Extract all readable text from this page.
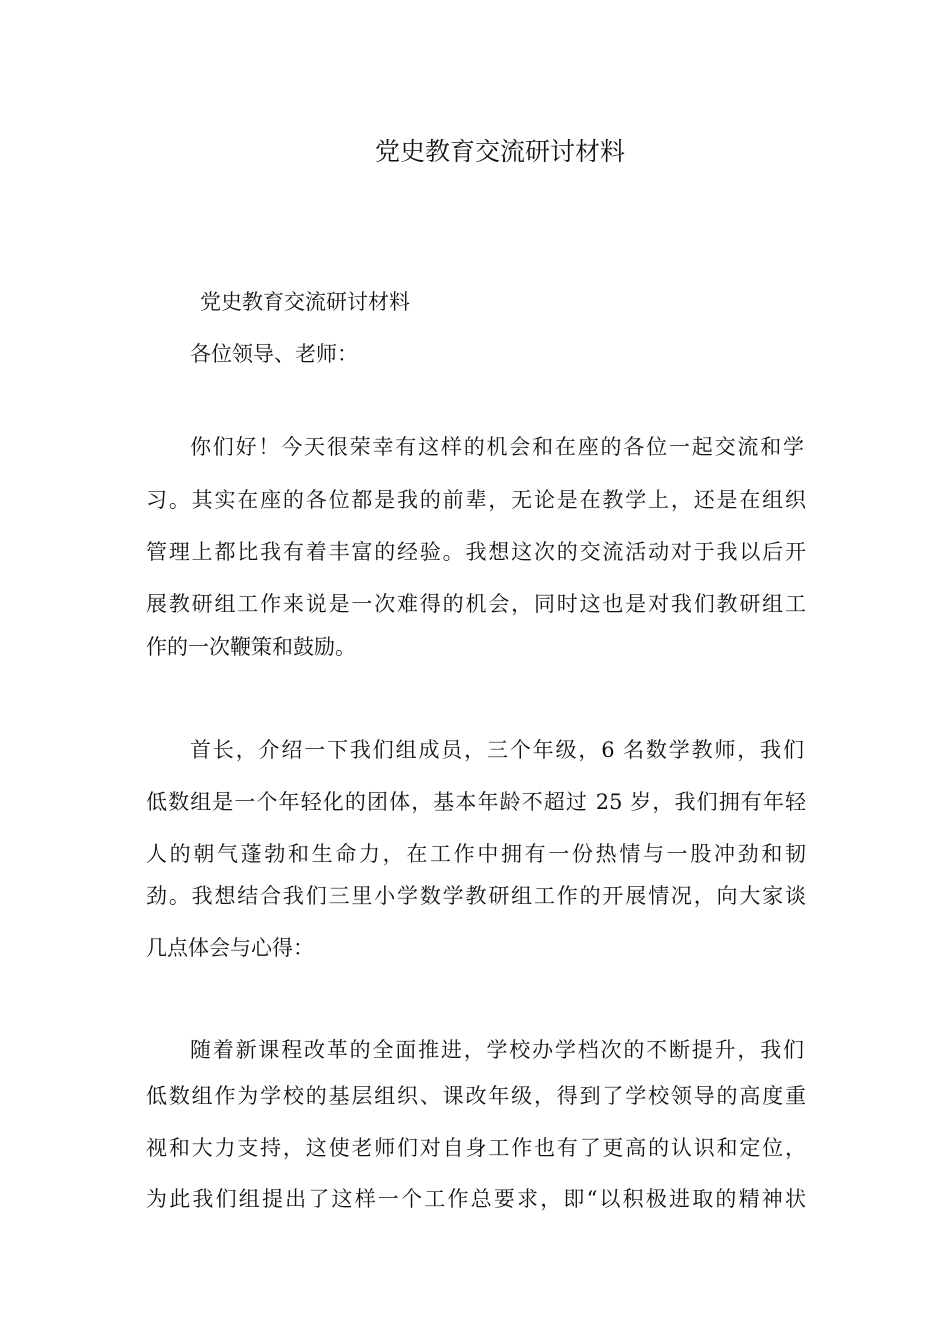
党史教育交流研讨材料
党史教育交流研讨材料
各位领导、老师：
你们好！今天很荣幸有这样的机会和在座的各位一起交流和学
习。其实在座的各位都是我的前辈，无论是在教学上，还是在组织
管理上都比我有着丰富的经验。我想这次的交流活动对于我以后开
展教研组工作来说是一次难得的机会，同时这也是对我们教研组工
作的一次鞭策和鼓励。
首长，介绍一下我们组成员，三个年级，6 名数学教师，我们
低数组是一个年轻化的团体，基本年龄不超过 25 岁，我们拥有年轻
人的朝气蓬勃和生命力，在工作中拥有一份热情与一股冲劲和韧
劲。我想结合我们三里小学数学教研组工作的开展情况，向大家谈
几点体会与心得：
随着新课程改革的全面推进，学校办学档次的不断提升，我们
低数组作为学校的基层组织、课改年级，得到了学校领导的高度重
视和大力支持，这使老师们对自身工作也有了更高的认识和定位，
为此我们组提出了这样一个工作总要求，即“以积极进取的精神状
